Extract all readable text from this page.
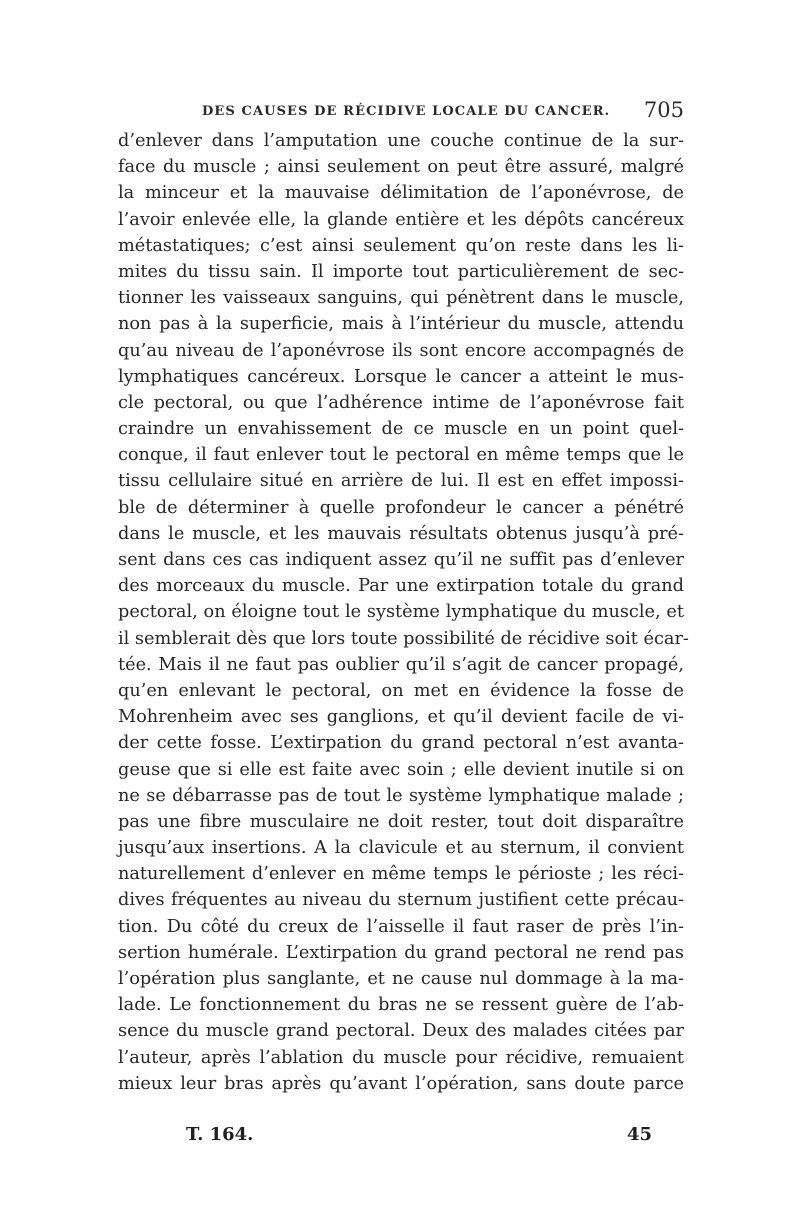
DES CAUSES DE RÉCIDIVE LOCALE DU CANCER. 705
d’enlever dans l’amputation une couche continue de la sur-
face du muscle ; ainsi seulement on peut être assuré, malgré
la minceur et la mauvaise délimitation de l’aponévrose, de
l’avoir enlevée elle, la glande entière et les dépôts cancéreux
métastatiques; c’est ainsi seulement qu’on reste dans les li-
mites du tissu sain. Il importe tout particulièrement de sec-
tionner les vaisseaux sanguins, qui pénètrent dans le muscle,
non pas à la superficie, mais à l’intérieur du muscle, attendu
qu’au niveau de l’aponévrose ils sont encore accompagnés de
lymphatiques cancéreux. Lorsque le cancer a atteint le mus-
cle pectoral, ou que l’adhérence intime de l’aponévrose fait
craindre un envahissement de ce muscle en un point quel-
conque, il faut enlever tout le pectoral en même temps que le
tissu cellulaire situé en arrière de lui. Il est en effet impossi-
ble de déterminer à quelle profondeur le cancer a pénétré
dans le muscle, et les mauvais résultats obtenus jusqu’à pré-
sent dans ces cas indiquent assez qu’il ne suffit pas d’enlever
des morceaux du muscle. Par une extirpation totale du grand
pectoral, on éloigne tout le système lymphatique du muscle, et
il semblerait dès que lors toute possibilité de récidive soit écar-
tée. Mais il ne faut pas oublier qu’il s’agit de cancer propagé,
qu’en enlevant le pectoral, on met en évidence la fosse de
Mohrenheim avec ses ganglions, et qu’il devient facile de vi-
der cette fosse. L’extirpation du grand pectoral n’est avanta-
geuse que si elle est faite avec soin ; elle devient inutile si on
ne se débarrasse pas de tout le système lymphatique malade ;
pas une fibre musculaire ne doit rester, tout doit disparaître
jusqu’aux insertions. A la clavicule et au sternum, il convient
naturellement d’enlever en même temps le périoste ; les réci-
dives fréquentes au niveau du sternum justifient cette précau-
tion. Du côté du creux de l’aisselle il faut raser de près l’in-
sertion humérale. L’extirpation du grand pectoral ne rend pas
l’opération plus sanglante, et ne cause nul dommage à la ma-
lade. Le fonctionnement du bras ne se ressent guère de l’ab-
sence du muscle grand pectoral. Deux des malades citées par
l’auteur, après l’ablation du muscle pour récidive, remuaient
mieux leur bras après qu’avant l’opération, sans doute parce
T. 164.	45
